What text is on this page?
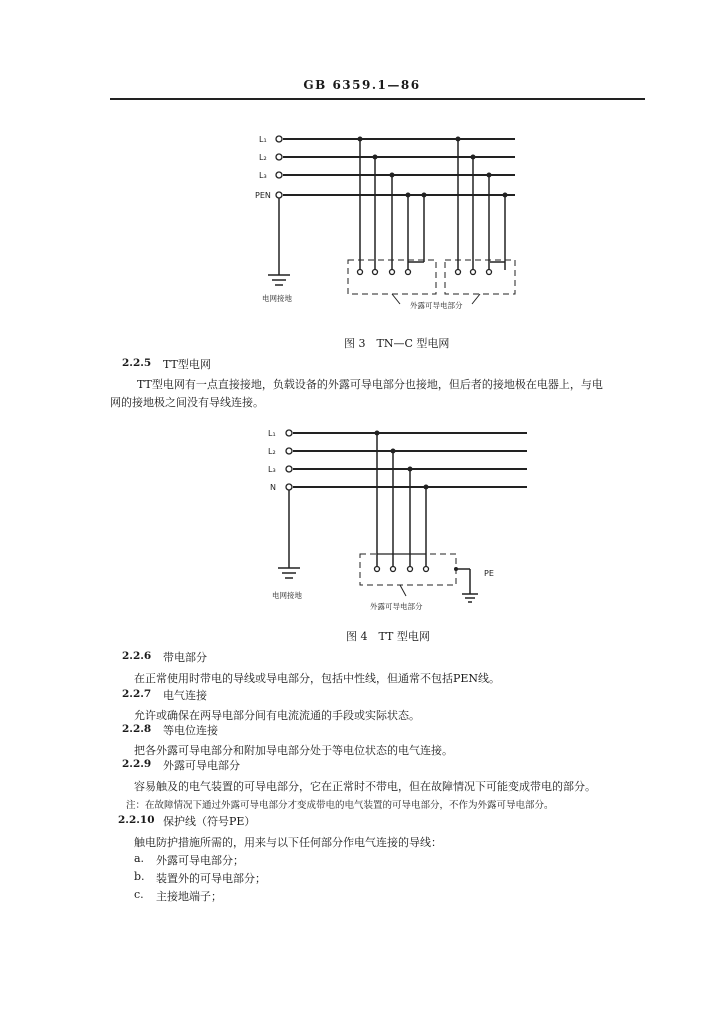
GB 6359.1—86
L₁
L₂
L₃
PEN
电网接地
外露可导电部分
图 3　TN—C 型电网
2.2.5 TT型电网
TT型电网有一点直接接地，负载设备的外露可导电部分也接地，但后者的接地极在电器上，与电
网的接地极之间没有导线连接。
L₁
L₂
L₃
N
PE
电网接地
外露可导电部分
图 4　TT 型电网
2.2.6 带电部分
在正常使用时带电的导线或导电部分，包括中性线，但通常不包括PEN线。
2.2.7 电气连接
允许或确保在两导电部分间有电流流通的手段或实际状态。
2.2.8 等电位连接
把各外露可导电部分和附加导电部分处于等电位状态的电气连接。
2.2.9 外露可导电部分
容易触及的电气装置的可导电部分，它在正常时不带电，但在故障情况下可能变成带电的部分。
注：在故障情况下通过外露可导电部分才变成带电的电气装置的可导电部分，不作为外露可导电部分。
2.2.10 保护线（符号PE）
触电防护措施所需的，用来与以下任何部分作电气连接的导线：
a. 外露可导电部分；
b. 装置外的可导电部分；
c. 主接地端子；
